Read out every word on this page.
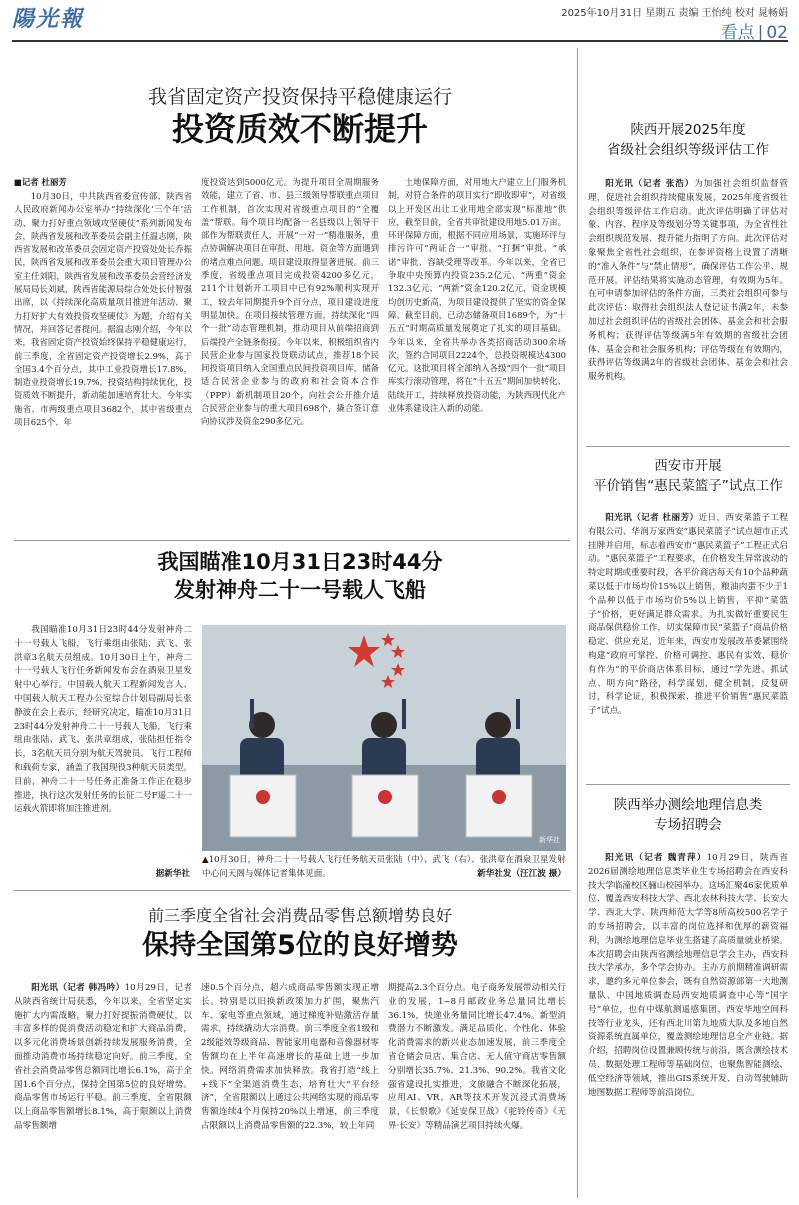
陽光報	2025年10月31日 星期五 责编 王怡纯 校对 晁畅娟
看点 | 02
我省固定资产投资保持平稳健康运行
投资质效不断提升
■记者 杜丽芳

10月30日，中共陕西省委宣传部、陕西省人民政府新闻办公室举办“持续深化‘三个年’活动、聚力打好重点领域攻坚硬仗”系列新闻发布会，陕西省发展和改革委员会副主任温志刚，陕西省发展和改革委员会固定资产投资处处长乔振民，陕西省发展和改革委员会重大项目管理办公室主任刘阳，陕西省发展和改革委员会营经济发展局局长刘斌，陕西省能源局综合处处长付智强出席，以《持续深化高质量项目推进年活动、聚力打好扩大有效投资攻坚硬仗》为题，介绍有关情况，并回答记者提问。据温志刚介绍，今年以来，我省固定资产投资始终保持平稳健康运行，前三季度，全省固定资产投资增长2.9%，高于全国3.4个百分点，其中工业投资增长17.8%，制造业投资增长19.7%，投资结构持续优化，投资质效不断提升，新动能加速培育壮大。今年实施省、市两级重点项目3682个，其中省级重点项目625个、年

度投资达到5000亿元。为提升项目全周期服务效能，建立了省、市、县三级领导帮联重点项目工作机制，首次实现对省级重点项目的“全覆盖”帮联。每个项目均配备一名县级以上领导干部作为帮联责任人，开展“一对一”精准服务，重点协调解决项目在审批、用地、资金等方面遇到的堵点难点问题。项目建设取得显著进展。前三季度，省级重点项目完成投资4200多亿元，211个计划新开工项目中已有92%顺利实现开工，较去年同期提升9个百分点，项目建设进度明显加快。在项目接续管理方面，持续深化“四个一批”动态管理机制，推动项目从前端招商到后端投产全链条衔接。今年以来，积极组织省内民营企业参与国家投贷联动试点，推荐18个民间投资项目纳入全国重点民间投资项目库，储备适合民营企业参与的政府和社会资本合作（PPP）新机制项目20个，向社会公开推介适合民营企业参与的重大项目698个，撬合签订意向协议涉及资金290多亿元。

土地保障方面，对用地大户建立上门服务机制，对符合条件的项目实行“即收即审”，对省级以上开发区出让工业用地全部实现“标准地”供应，截至目前，全省共审批建设用地5.01万亩。环评保障方面，根据不同应用场景，实施环评与排污许可“两证合一”审批、“打捆”审批、“承诺”审批、容缺受理等改革。今年以来，全省已争取中央预算内投资235.2亿元、“两重”资金132.3亿元、“两新”资金120.2亿元，资金规模均创历史新高，为项目建设提供了坚实的资金保障。截至目前，已动态储备项目1689个，为“十五五”时期高质量发展奠定了扎实的项目基础。今年以来，全省共举办各类招商活动300余场次，签约合同项目2224个，总投资规模达4300亿元。这批项目将全部纳入各级“四个一批”项目库实行滚动管理，将在“十五五”期间加快转化、陆续开工，持续释放投资动能，为陕西现代化产业体系建设注入新的动能。

我国瞄准10月31日23时44分
发射神舟二十一号载人飞船

我国瞄准10月31日23时44分发射神舟二十一号载人飞船，飞行乘组由张陆、武飞、张洪章3名航天员组成。10月30日上午，神舟二十一号载人飞行任务新闻发布会在酒泉卫星发射中心举行。中国载人航天工程新闻发言人、中国载人航天工程办公室综合计划局副局长张静波在会上表示，经研究决定，瞄准10月31日23时44分发射神舟二十一号载人飞船，飞行乘组由张陆、武飞、张洪章组成，张陆担任指令长，3名航天员分别为航天驾驶员、飞行工程师和载荷专家，涵盖了我国现役3种航天员类型。目前，神舟二十一号任务正准备工作正在稳步推进，执行这次发射任务的长征二号F遥二十一运载火箭即将加注推进剂。

据新华社
新华社
▲10月30日，神舟二十一号载人飞行任务航天员张陆（中）、武飞（右）、张洪章在酒泉卫星发射中心问天阁与媒体记者集体见面。	新华社发（汪江波 摄）
前三季度全省社会消费品零售总额增势良好
保持全国第5位的良好增势

阳光讯（记者 韩冯吟）10月29日，记者从陕西省统计局获悉，今年以来，全省坚定实施扩大内需战略，聚力打好提振消费硬仗，以丰富多样的促消费活动稳定和扩大商品消费，以多元化消费场景创新持续发展服务消费，全面推动消费市场持续稳定向好。前三季度，全省社会消费品零售总额同比增长6.1%，高于全国1.6个百分点，保持全国第5位的良好增势。商品零售市场运行平稳。前三季度，全省限额以上商品零售额增长8.1%，高于限额以上消费品零售额增

速0.5个百分点，超六成商品零售额实现正增长。特别是以旧换新政策加力扩围，聚焦汽车、家电等重点领域，通过梯度补贴激活存量需求，持续撬动大宗消费。前三季度全省1级和2级能效等级商品、智能家用电器和音像器材零售额均在上半年高速增长的基础上进一步加快。网络消费需求加快释放。我省打造“线上+线下”全渠道消费生态，培育壮大“平台经济”，全省限额以上通过公共网络实现的商品零售额连续4个月保持20%以上增速，前三季度占限额以上消费品零售额的22.3%，较上年同

期提高2.3个百分点。电子商务发展带动相关行业的发展，1~8月邮政业务总量同比增长36.1%，快递业务量同比增长47.4%。新型消费潜力不断激发。满足品质化、个性化、体验化消费需求的新兴业态加速发展，前三季度全省仓储会员店、集合店、无人值守商店零售额分别增长35.7%、21.3%、90.2%。我省文化强省建设扎实推进，文旅融合不断深化拓展，应用AI、VR、AR等技术开发沉浸式消费场景，《长恨歌》《延安保卫战》《驼铃传奇》《无界·长安》等精品演艺项目持续火爆。

陕西开展2025年度
省级社会组织等级评估工作

阳光讯（记者 张浩）为加强社会组织监督管理，促进社会组织持续健康发展，2025年度省级社会组织等级评估工作启动。此次评估明确了评估对象、内容、程序及等级划分等关键事项，为全省性社会组织规范发展、提升能力指明了方向。此次评估对象聚焦全省性社会组织，在参评资格上设置了清晰的“准入条件”与“禁止情形”，确保评估工作公平、规范开展。评估结果将实施动态管理，有效期为5年。在可申请参加评估的条件方面，三类社会组织可参与此次评估：取得社会组织法人登记证书满2年，未参加过社会组织评估的省级社会团体、基金会和社会服务机构；获得评估等级满5年有效期的省级社会团体、基金会和社会服务机构；评估等级在有效期内，获得评估等级满2年的省级社会团体、基金会和社会服务机构。

西安市开展
平价销售“惠民菜篮子”试点工作

阳光讯（记者 杜丽芳）近日，西安菜篮子工程有限公司、华润万家西安“惠民菜篮子”试点超市正式挂牌并启用，标志着西安市“惠民菜篮子”工程正式启动。“惠民菜篮子”工程要求，在价格发生异常波动的特定时期或重要时段，各平价商店每天有10个品种蔬菜以低于市场均价15%以上销售，粮油肉蛋不少于1个品种以低于市场均价5%以上销售，平抑“菜篮子”价格，更好满足群众需求。为扎实做好重要民生商品保供稳价工作，切实保障市民“菜篮子”商品价格稳定、供应充足，近年来，西安市发展改革委紧围绕构建“政府可掌控、价格可调控、惠民有实效、稳价有作为”的平价商店体系目标，通过“学先进、抓试点、明方向”路径，科学谋划，健全机制，反复研讨，科学论证，积极探索、推进平价销售“惠民菜篮子”试点。

陕西举办测绘地理信息类
专场招聘会

阳光讯（记者 魏青萍）10月29日，陕西省2026届测绘地理信息类毕业生专场招聘会在西安科技大学临潼校区骊山校园举办。这场汇聚46家优质单位、覆盖西安科技大学、西北农林科技大学、长安大学、西北大学、陕西师范大学等8所高校500名学子的专场招聘会，以丰富的岗位选择和优厚的薪资福利，为测绘地理信息毕业生搭建了高质量就业桥梁。本次招聘会由陕西省测绘地理信息学会主办，西安科技大学承办，多个学会协办。主办方前期精准调研需求，邀约多元单位参会，既有自然资源部第一大地测量队、中国地质调查局西安地质调查中心等“国字号”单位，也有中煤航测遥感集团、西安华地空间科技等行业龙头，还有西北川第九地质大队及多地自然资源系统直属单位，覆盖测绘地理信息全产业链。据介绍，招聘岗位设置兼顾传统与前沿，既含测绘技术员、数据处理工程师等基础岗位，也聚焦智能测绘、低空经济等领域，推出GIS系统开发、自动驾驶辅助地图数据工程师等前沿岗位。
